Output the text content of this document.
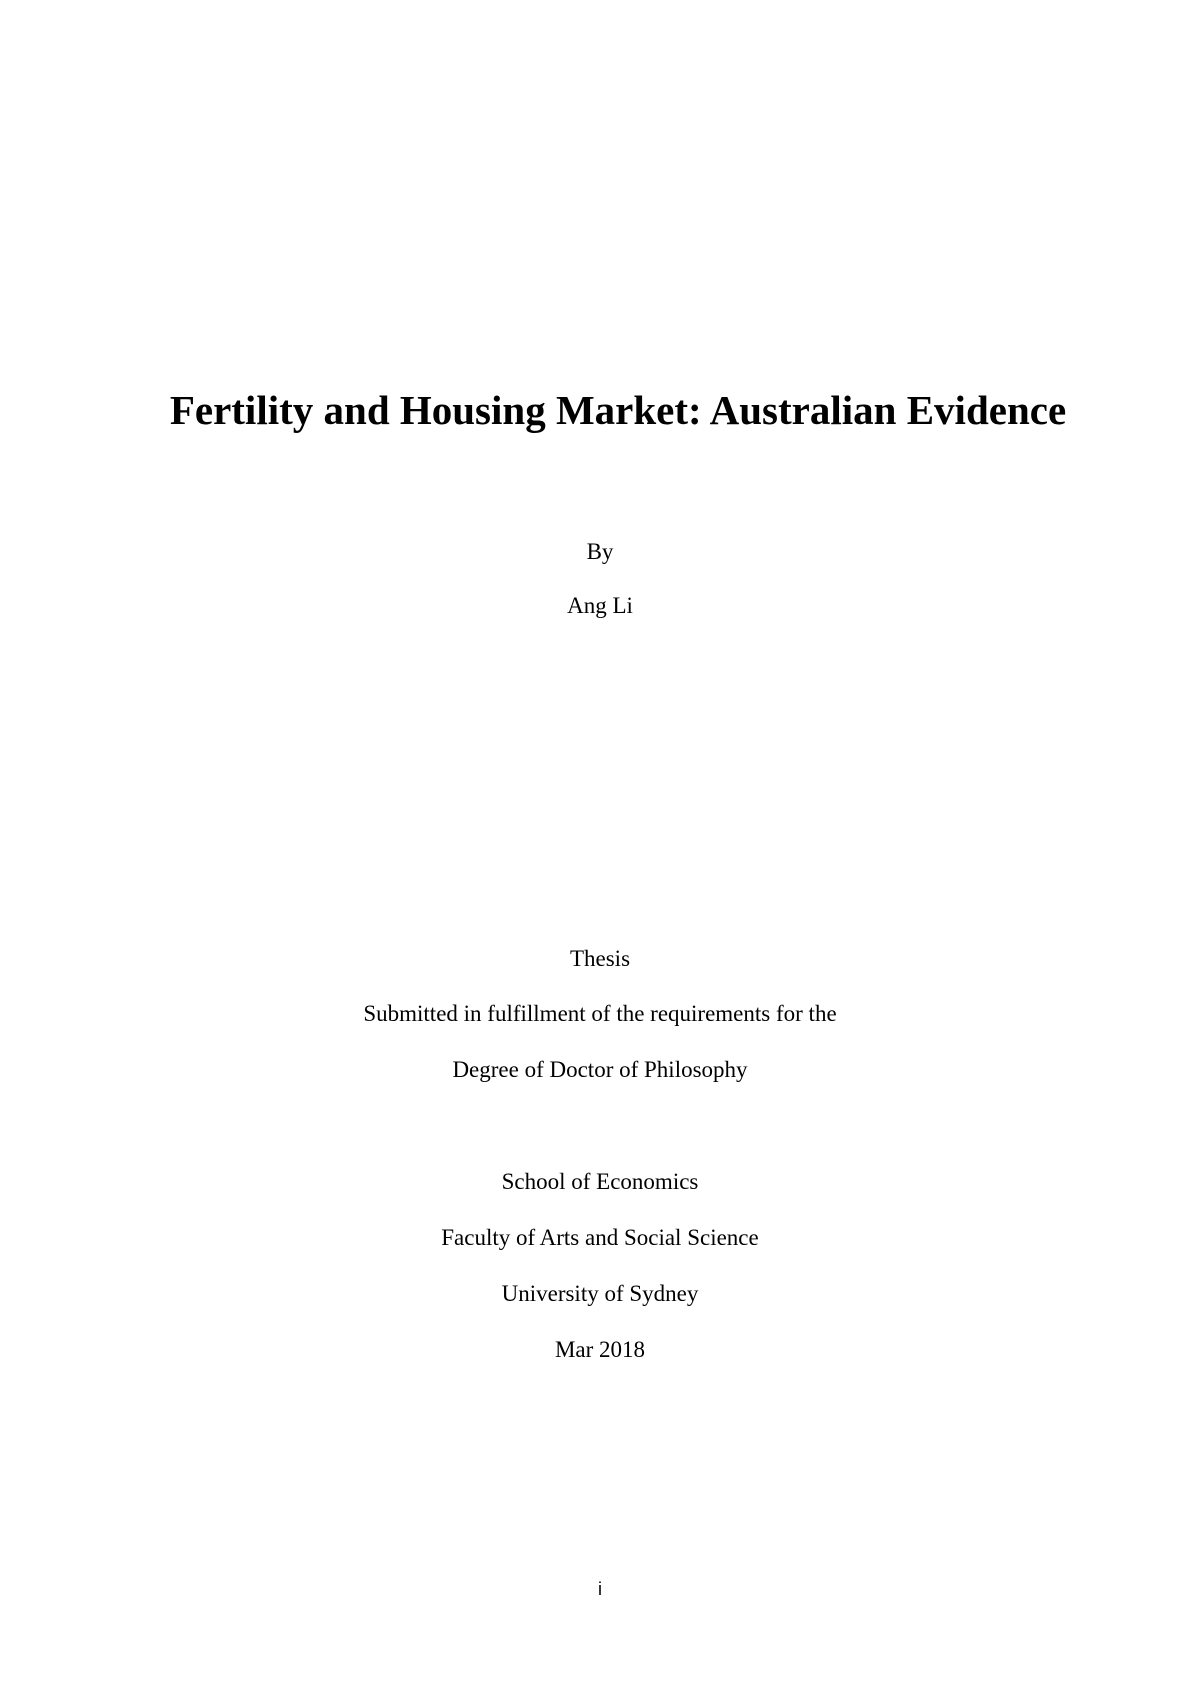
Fertility and Housing Market: Australian Evidence
By
Ang Li
Thesis
Submitted in fulfillment of the requirements for the
Degree of Doctor of Philosophy
School of Economics
Faculty of Arts and Social Science
University of Sydney
Mar 2018
i
